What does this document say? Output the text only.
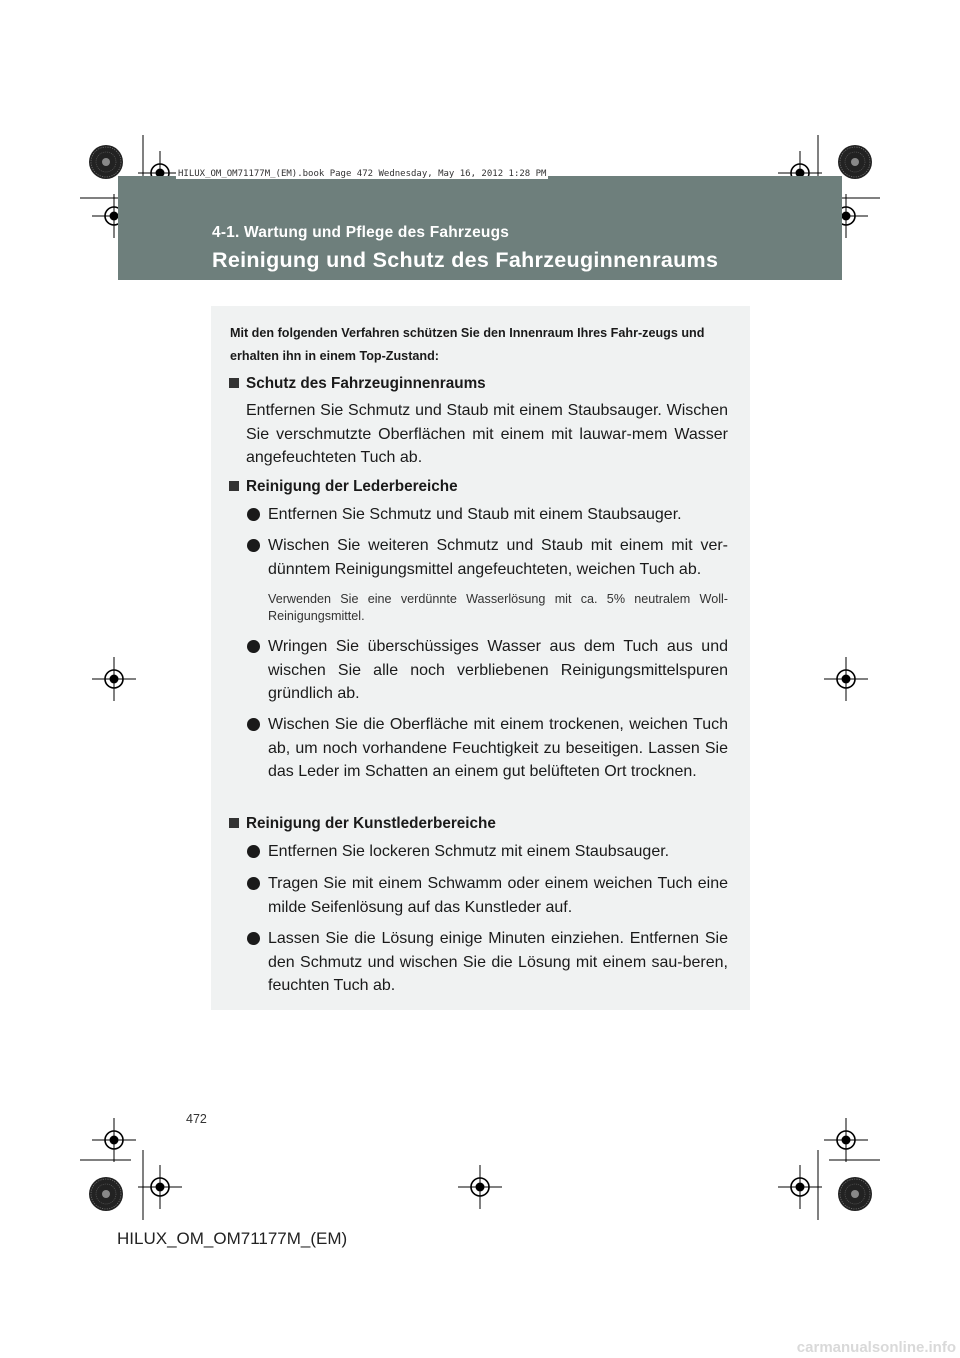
HILUX_OM_OM71177M_(EM).book Page 472 Wednesday, May 16, 2012 1:28 PM
4-1. Wartung und Pflege des Fahrzeugs
Reinigung und Schutz des Fahrzeuginnenraums
Mit den folgenden Verfahren schützen Sie den Innenraum Ihres Fahr-zeugs und erhalten ihn in einem Top-Zustand:
Schutz des Fahrzeuginnenraums
Entfernen Sie Schmutz und Staub mit einem Staubsauger. Wischen Sie verschmutzte Oberflächen mit einem mit lauwar-mem Wasser angefeuchteten Tuch ab.
Reinigung der Lederbereiche
Entfernen Sie Schmutz und Staub mit einem Staubsauger.
Wischen Sie weiteren Schmutz und Staub mit einem mit ver-dünntem Reinigungsmittel angefeuchteten, weichen Tuch ab.
Verwenden Sie eine verdünnte Wasserlösung mit ca. 5% neutralem Woll-Reinigungsmittel.
Wringen Sie überschüssiges Wasser aus dem Tuch aus und wischen Sie alle noch verbliebenen Reinigungsmittelspuren gründlich ab.
Wischen Sie die Oberfläche mit einem trockenen, weichen Tuch ab, um noch vorhandene Feuchtigkeit zu beseitigen. Lassen Sie das Leder im Schatten an einem gut belüfteten Ort trocknen.
Reinigung der Kunstlederbereiche
Entfernen Sie lockeren Schmutz mit einem Staubsauger.
Tragen Sie mit einem Schwamm oder einem weichen Tuch eine milde Seifenlösung auf das Kunstleder auf.
Lassen Sie die Lösung einige Minuten einziehen. Entfernen Sie den Schmutz und wischen Sie die Lösung mit einem sau-beren, feuchten Tuch ab.
472
HILUX_OM_OM71177M_(EM)
carmanualsonline.info
